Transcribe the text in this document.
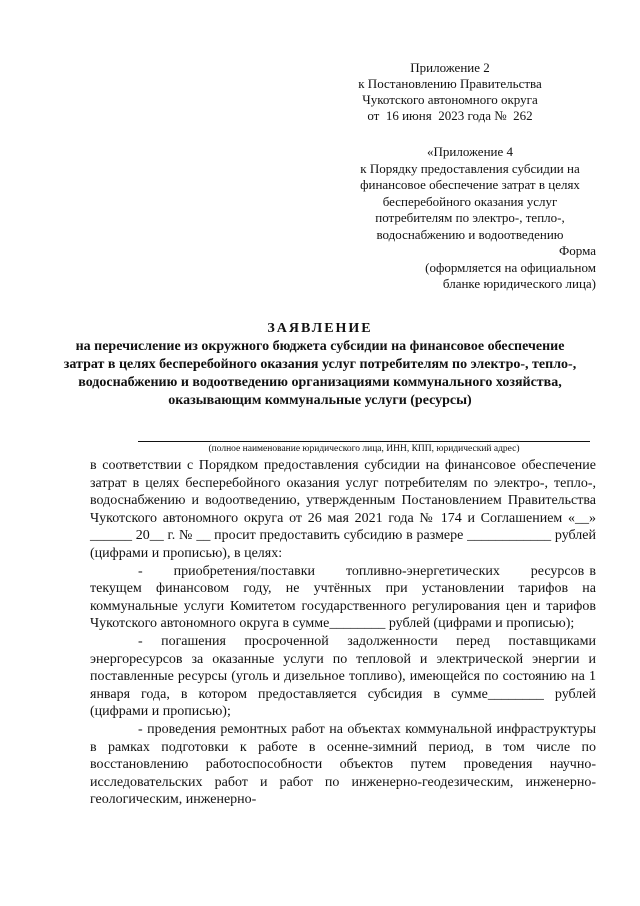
Приложение 2
к Постановлению Правительства
Чукотского автономного округа
от  16 июня  2023 года №  262
«Приложение 4
к Порядку предоставления субсидии на
финансовое обеспечение затрат в целях
бесперебойного оказания услуг
потребителям по электро-, тепло-,
водоснабжению и водоотведению
Форма
(оформляется на официальном
бланке юридического лица)
ЗАЯВЛЕНИЕ
на перечисление из окружного бюджета субсидии на финансовое обеспечение затрат в целях бесперебойного оказания услуг потребителям по электро-, тепло-, водоснабжению и водоотведению организациями коммунального хозяйства, оказывающим коммунальные услуги (ресурсы)
(полное наименование юридического лица, ИНН, КПП, юридический адрес)

в соответствии с Порядком предоставления субсидии на финансовое обеспечение затрат в целях бесперебойного оказания услуг потребителям по электро-, тепло-, водоснабжению и водоотведению, утвержденным Постановлением Правительства Чукотского автономного округа от 26 мая 2021 года № 174 и Соглашением «__» ______ 20__ г. № __ просит предоставить субсидию в размере ____________ рублей (цифрами и прописью), в целях:

-      приобретения/поставки      топливно-энергетических      ресурсов в текущем финансовом году, не учтённых при установлении тарифов на коммунальные услуги Комитетом государственного регулирования цен и тарифов Чукотского автономного округа в сумме________ рублей (цифрами и прописью);

- погашения просроченной задолженности перед поставщиками энергоресурсов за оказанные услуги по тепловой и электрической энергии и поставленные ресурсы (уголь и дизельное топливо), имеющейся по состоянию на 1 января года, в котором предоставляется субсидия в сумме________ рублей (цифрами и прописью);

- проведения ремонтных работ на объектах коммунальной инфраструктуры в рамках подготовки к работе в осенне-зимний период, в том числе по восстановлению работоспособности объектов путем проведения научно-исследовательских работ и работ по инженерно-геодезическим, инженерно-геологическим, инженерно-
